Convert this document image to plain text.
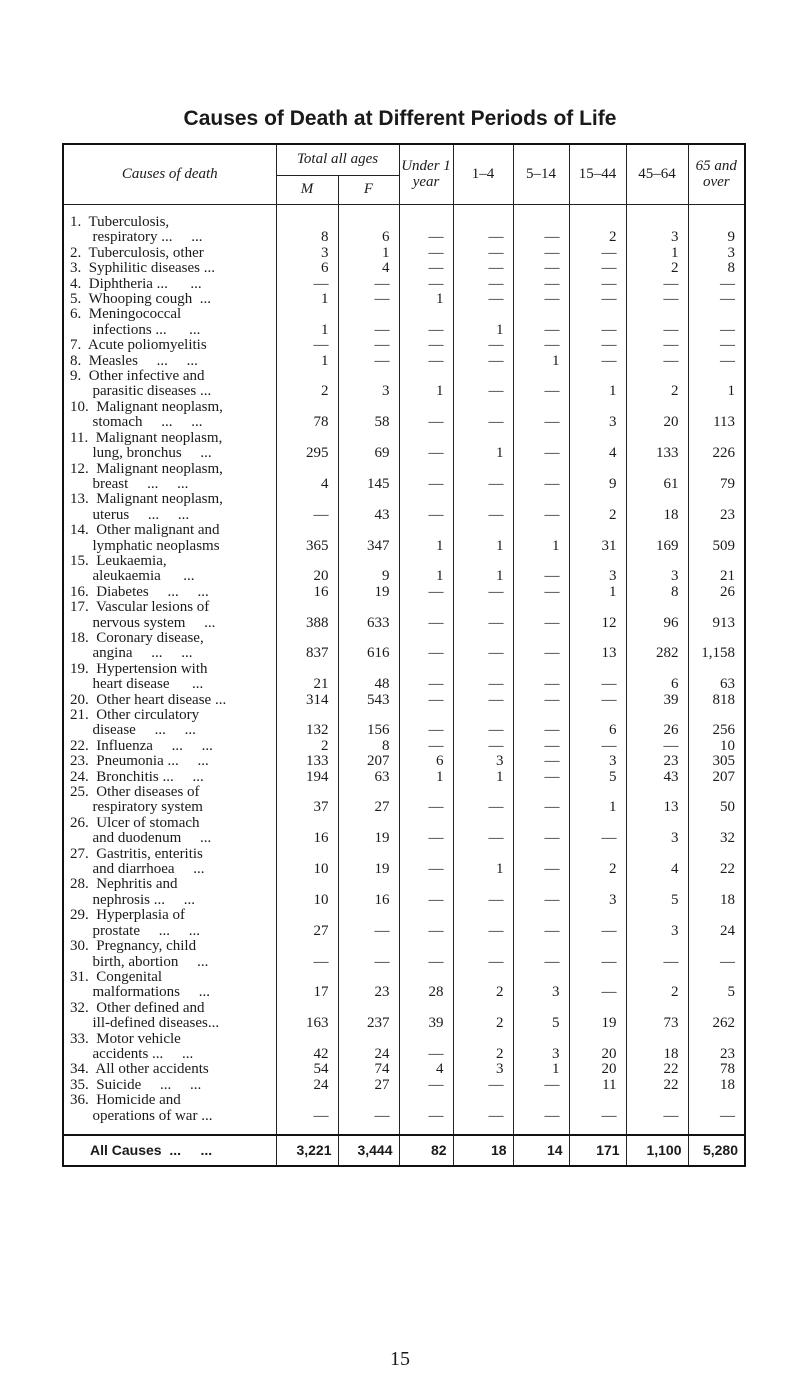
Causes of Death at Different Periods of Life
Causes of death	Total all ages		Under 1 year	1–4	5–14	15–44	45–64	65 and over
	M	F						
1.  Tuberculosis,
respiratory ...     ...	8	6	—	—	—	2	3	9
2.  Tuberculosis, other	3	1	—	—	—	—	1	3
3.  Syphilitic diseases ...	6	4	—	—	—	—	2	8
4.  Diphtheria ...      ...	—	—	—	—	—	—	—	—
5.  Whooping cough  ...	1	—	1	—	—	—	—	—
6.  Meningococcal
infections ...      ...	1	—	—	1	—	—	—	—
7.  Acute poliomyelitis	—	—	—	—	—	—	—	—
8.  Measles     ...     ...	1	—	—	—	1	—	—	—
9.  Other infective and
parasitic diseases ...	2	3	1	—	—	1	2	1
10.  Malignant neoplasm,
stomach     ...     ...	78	58	—	—	—	3	20	113
11.  Malignant neoplasm,
lung, bronchus     ...	295	69	—	1	—	4	133	226
12.  Malignant neoplasm,
breast     ...     ...	4	145	—	—	—	9	61	79
13.  Malignant neoplasm,
uterus     ...     ...	—	43	—	—	—	2	18	23
14.  Other malignant and
lymphatic neoplasms	365	347	1	1	1	31	169	509
15.  Leukaemia,
aleukaemia      ...	20	9	1	1	—	3	3	21
16.  Diabetes     ...     ...	16	19	—	—	—	1	8	26
17.  Vascular lesions of
nervous system     ...	388	633	—	—	—	12	96	913
18.  Coronary disease,
angina     ...     ...	837	616	—	—	—	13	282	1,158
19.  Hypertension with
heart disease      ...	21	48	—	—	—	—	6	63
20.  Other heart disease ...	314	543	—	—	—	—	39	818
21.  Other circulatory
disease     ...     ...	132	156	—	—	—	6	26	256
22.  Influenza     ...     ...	2	8	—	—	—	—	—	10
23.  Pneumonia ...     ...	133	207	6	3	—	3	23	305
24.  Bronchitis ...     ...	194	63	1	1	—	5	43	207
25.  Other diseases of
respiratory system	37	27	—	—	—	1	13	50
26.  Ulcer of stomach
and duodenum     ...	16	19	—	—	—	—	3	32
27.  Gastritis, enteritis
and diarrhoea     ...	10	19	—	1	—	2	4	22
28.  Nephritis and
nephrosis ...     ...	10	16	—	—	—	3	5	18
29.  Hyperplasia of
prostate     ...     ...	27	—	—	—	—	—	3	24
30.  Pregnancy, child
birth, abortion     ...	—	—	—	—	—	—	—	—
31.  Congenital
malformations     ...	17	23	28	2	3	—	2	5
32.  Other defined and
ill-defined diseases...	163	237	39	2	5	19	73	262
33.  Motor vehicle
accidents ...     ...	42	24	—	2	3	20	18	23
34.  All other accidents	54	74	4	3	1	20	22	78
35.  Suicide     ...     ...	24	27	—	—	—	11	22	18
36.  Homicide and
operations of war ...	—	—	—	—	—	—	—	—
All Causes  ...     ...	3,221	3,444	82	18	14	171	1,100	5,280
15
